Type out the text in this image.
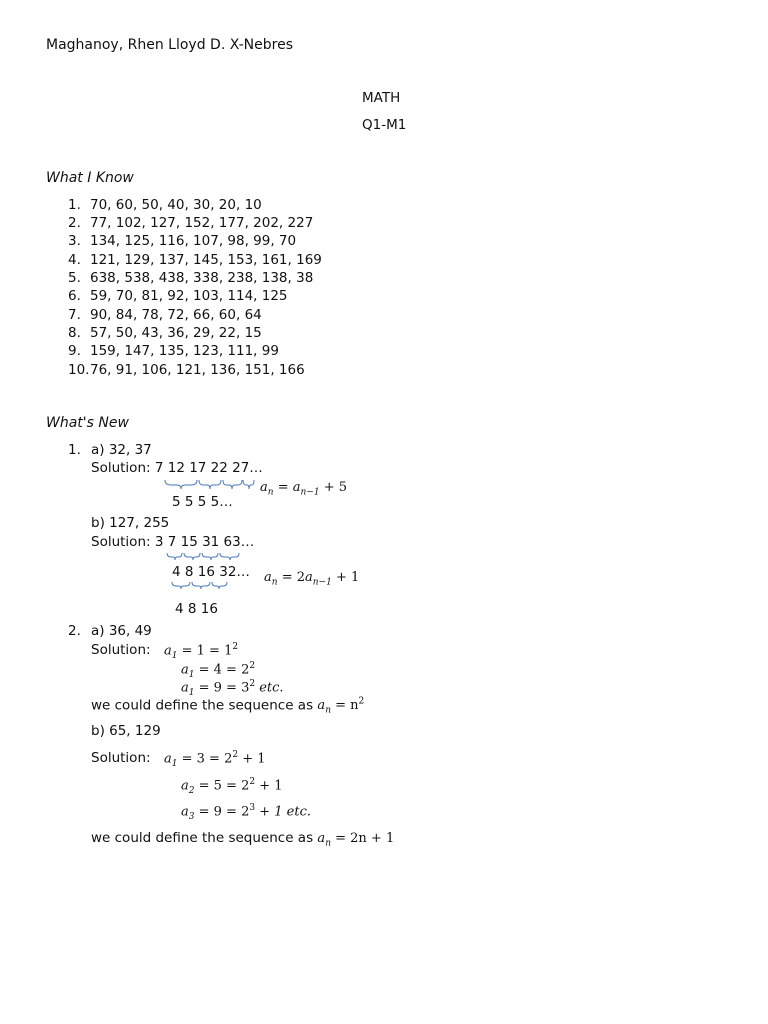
Maghanoy, Rhen Lloyd D. X-Nebres
MATH
Q1-M1
What I Know
1. 70, 60, 50, 40, 30, 20, 10
2. 77, 102, 127, 152, 177, 202, 227
3. 134, 125, 116, 107, 98, 99, 70
4. 121, 129, 137, 145, 153, 161, 169
5. 638, 538, 438, 338, 238, 138, 38
6. 59, 70, 81, 92, 103, 114, 125
7. 90, 84, 78, 72, 66, 60, 64
8. 57, 50, 43, 36, 29, 22, 15
9. 159, 147, 135, 123, 111, 99
10.76, 91, 106, 121, 136, 151, 166
What's New
1. a) 32, 37
Solution: 7 12 17 22 27…
5 5 5 5…
$a_n = a_{n-1} + 5$
b) 127, 255
Solution: 3 7 15 31 63…
4 8 16 32… $a_n = 2a_{n-1} + 1$
4 8 16
2. a) 36, 49
Solution: $a_1 = 1 = 1^2$
$a_1 = 4 = 2^2$
$a_1 = 9 = 3^2$ etc.
we could define the sequence as $a_n = n^2$
b) 65, 129
Solution: $a_1 = 3 = 2^2 + 1$
$a_2 = 5 = 2^2 + 1$
$a_3 = 9 = 2^3 + 1$ etc.
we could define the sequence as $a_n = 2n + 1$
